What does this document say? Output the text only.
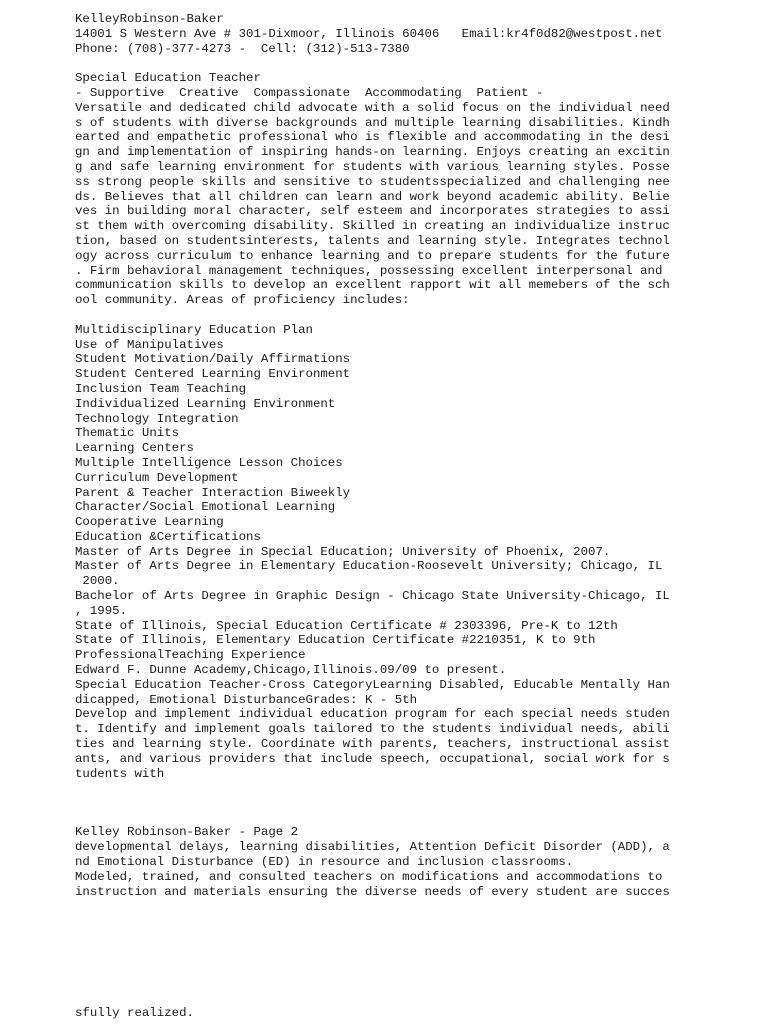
KelleyRobinson-Baker
14001 S Western Ave # 301-Dixmoor, Illinois 60406   Email:kr4f0d82@westpost.net
Phone: (708)-377-4273 -  Cell: (312)-513-7380
Special Education Teacher
- Supportive  Creative  Compassionate  Accommodating  Patient -
Versatile and dedicated child advocate with a solid focus on the individual need
s of students with diverse backgrounds and multiple learning disabilities. Kindh
earted and empathetic professional who is flexible and accommodating in the desi
gn and implementation of inspiring hands-on learning. Enjoys creating an excitin
g and safe learning environment for students with various learning styles. Posse
ss strong people skills and sensitive to studentsspecialized and challenging nee
ds. Believes that all children can learn and work beyond academic ability. Belie
ves in building moral character, self esteem and incorporates strategies to assi
st them with overcoming disability. Skilled in creating an individualize instruc
tion, based on studentsinterests, talents and learning style. Integrates technol
ogy across curriculum to enhance learning and to prepare students for the future
. Firm behavioral management techniques, possessing excellent interpersonal and
communication skills to develop an excellent rapport wit all memebers of the sch
ool community. Areas of proficiency includes:
Multidisciplinary Education Plan
Use of Manipulatives
Student Motivation/Daily Affirmations
Student Centered Learning Environment
Inclusion Team Teaching
Individualized Learning Environment
Technology Integration
Thematic Units
Learning Centers
Multiple Intelligence Lesson Choices
Curriculum Development
Parent & Teacher Interaction Biweekly
Character/Social Emotional Learning
Cooperative Learning
Education &Certifications
Master of Arts Degree in Special Education; University of Phoenix, 2007.
Master of Arts Degree in Elementary Education-Roosevelt University; Chicago, IL
2000.
Bachelor of Arts Degree in Graphic Design - Chicago State University-Chicago, IL
, 1995.
State of Illinois, Special Education Certificate # 2303396, Pre-K to 12th
State of Illinois, Elementary Education Certificate #2210351, K to 9th
ProfessionalTeaching Experience
Edward F. Dunne Academy,Chicago,Illinois.09/09 to present.
Special Education Teacher-Cross CategoryLearning Disabled, Educable Mentally Han
dicapped, Emotional DisturbanceGrades: K - 5th
Develop and implement individual education program for each special needs studen
t. Identify and implement goals tailored to the students individual needs, abili
ties and learning style. Coordinate with parents, teachers, instructional assist
ants, and various providers that include speech, occupational, social work for s
tudents with
Kelley Robinson-Baker - Page 2
developmental delays, learning disabilities, Attention Deficit Disorder (ADD), a
nd Emotional Disturbance (ED) in resource and inclusion classrooms.
Modeled, trained, and consulted teachers on modifications and accommodations to
instruction and materials ensuring the diverse needs of every student are succes
sfully realized.
